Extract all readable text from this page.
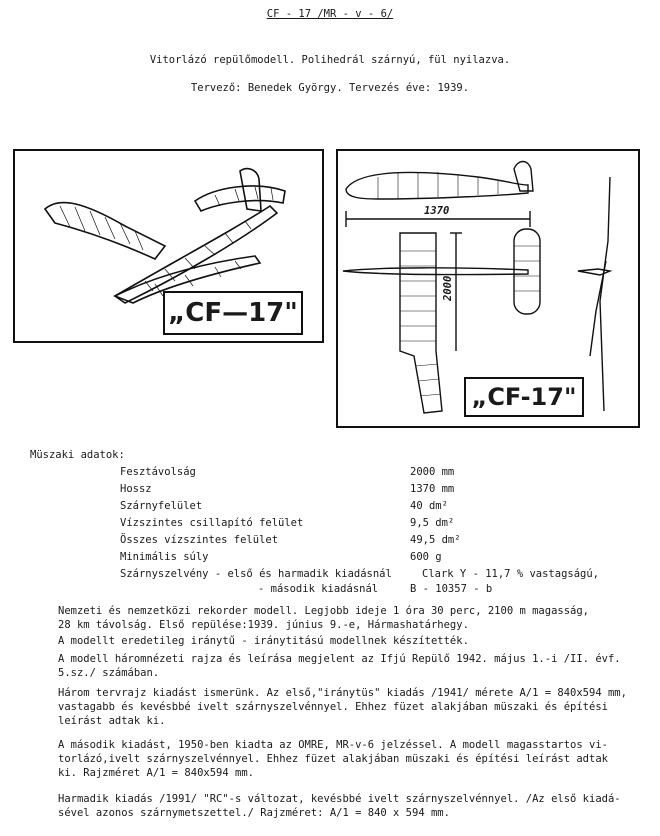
CF - 17 /MR - v - 6/
Vitorlázó repülőmodell. Polihedrál szárnyú, fül nyilazva.
Tervező: Benedek György. Tervezés éve: 1939.
„CF—17"
1370
2000
„CF-17"
Müszaki adatok:
Fesztávolság	2000 mm
Hossz	1370 mm
Szárnyfelület	40 dm²
Vízszintes csillapító felület	9,5 dm²
Összes vízszintes felület	49,5 dm²
Minimális súly	600 g
Szárnyszelvény - első és harmadik kiadásnál	Clark Y - 11,7 % vastagságú,
- második kiadásnál	B - 10357 - b
Nemzeti és nemzetközi rekorder modell. Legjobb ideje 1 óra 30 perc, 2100 m magasság,
28 km távolság. Első repülése:1939. június 9.-e, Hármashatárhegy.
A modellt eredetileg iránytű - iránytitású modellnek készítették.
A modell háromnézeti rajza és leírása megjelent az Ifjú Repülő 1942. május 1.-i /II. évf.
5.sz./ számában.
Három tervrajz kiadást ismerünk. Az első,"iránytüs" kiadás /1941/ mérete A/1 = 840x594 mm,
vastagabb és kevésbbé ivelt szárnyszelvénnyel. Ehhez füzet alakjában müszaki és építési
leírást adtak ki.
A második kiadást, 1950-ben kiadta az OMRE, MR-v-6 jelzéssel. A modell magasstartos vi-
torlázó,ivelt szárnyszelvénnyel. Ehhez füzet alakjában müszaki és építési leírást adtak
ki. Rajzméret A/1 = 840x594 mm.
Harmadik kiadás /1991/ "RC"-s változat, kevésbbé ivelt szárnyszelvénnyel. /Az első kiadá-
sével azonos szárnymetszettel./ Rajzméret: A/1 = 840 x 594 mm.
